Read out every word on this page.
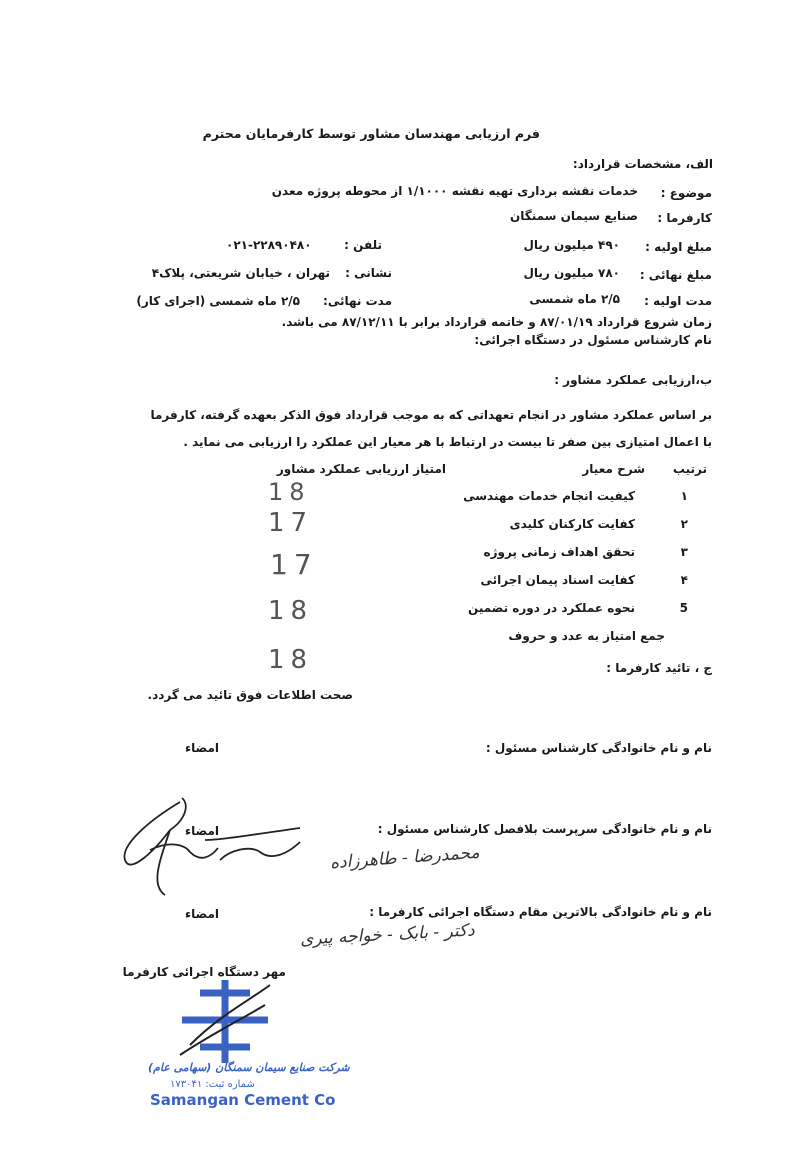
فرم ارزیابی مهندسان مشاور توسط کارفرمایان محترم
الف، مشخصات قرارداد:
موضوع :
خدمات نقشه برداری تهیه نقشه ۱/۱۰۰۰ از محوطه پروژه معدن
کارفرما :
صنایع سیمان سمنگان
مبلغ اولیه :
۴۹۰ میلیون ریال
تلفن :
۰۲۱-۲۲۸۹۰۴۸۰
مبلغ نهائی :
۷۸۰ میلیون ریال
نشانی :
تهران ، خیابان شریعتی، پلاک۴
مدت اولیه :
۲/۵ ماه شمسی
مدت نهائی:
۲/۵ ماه شمسی (اجرای کار)
زمان شروع قرارداد ۸۷/۰۱/۱۹ و خاتمه قرارداد برابر با ۸۷/۱۲/۱۱ می باشد.
نام کارشناس مسئول در دستگاه اجرائی:
ب،ارزیابی عملکرد مشاور :
بر اساس عملکرد مشاور در انجام تعهداتی که به موجب قرارداد فوق الذکر بعهده گرفته، کارفرما
با اعمال امتیازی بین صفر تا بیست در ارتباط با هر معیار این عملکرد را ارزیابی می نماید .
ترتیب
شرح معیار
امتیاز ارزیابی عملکرد مشاور
۱
کیفیت انجام خدمات مهندسی
18
۲
کفایت کارکنان کلیدی
17
۳
تحقق اهداف زمانی پروژه
17	۴
کفایت اسناد پیمان اجرائی
18	5
نحوه عملکرد در دوره تضمین
18
جمع امتیاز به عدد و حروف
ج ، تائید کارفرما :
صحت اطلاعات فوق تائید می گردد.
نام و نام خانوادگی کارشناس مسئول :
امضاء
نام و نام خانوادگی سرپرست بلافصل کارشناس مسئول :
امضاء
محمدرضا - طاهرزاده
نام و نام خانوادگی بالاترین مقام دستگاه اجرائی کارفرما :
امضاء
دکتر - بابک - خواجه پیری
مهر دستگاه اجرائی کارفرما
شرکت صنایع سیمان سمنگان (سهامی عام)
شماره ثبت: ۱۷۳۰۴۱
Samangan Cement Co
